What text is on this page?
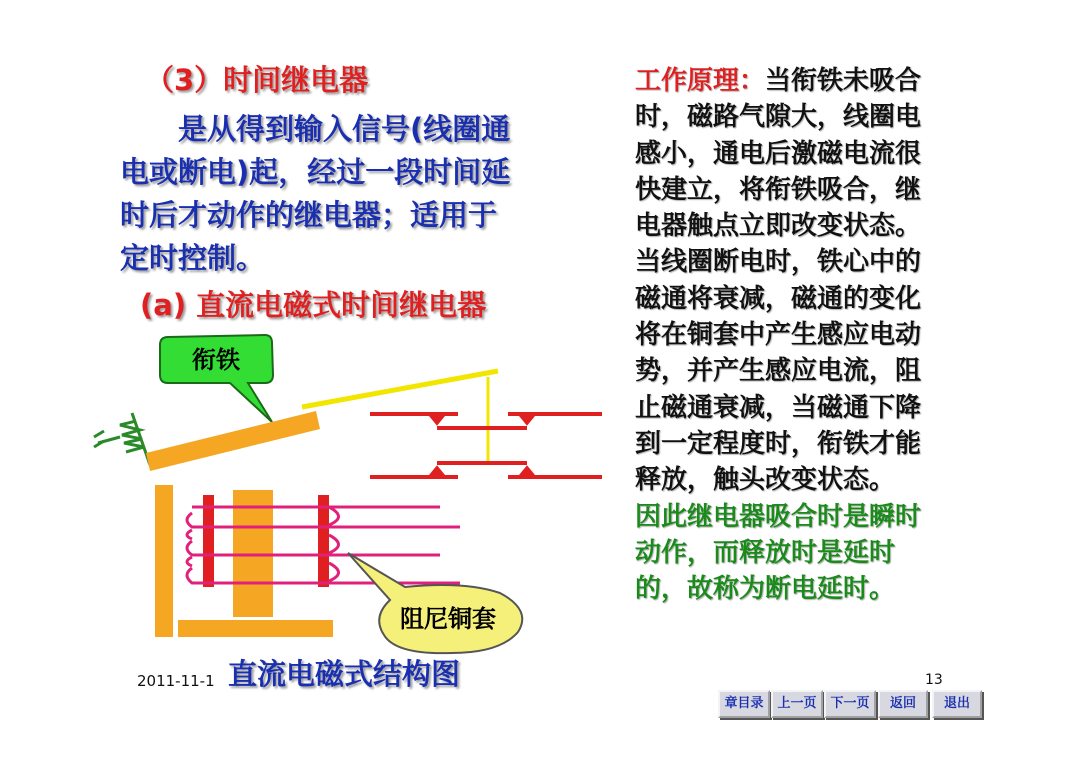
（3）时间继电器
　　是从得到输入信号(线圈通
电或断电)起，经过一段时间延
时后才动作的继电器；适用于
定时控制。
(a) 直流电磁式时间继电器
衔铁
阻尼铜套
工作原理：当衔铁未吸合
时，磁路气隙大，线圈电
感小，通电后激磁电流很
快建立，将衔铁吸合，继
电器触点立即改变状态。
当线圈断电时，铁心中的
磁通将衰减，磁通的变化
将在铜套中产生感应电动
势，并产生感应电流，阻
止磁通衰减，当磁通下降
到一定程度时，衔铁才能
释放，触头改变状态。
因此继电器吸合时是瞬时
动作，而释放时是延时
的，故称为断电延时。
2011-11-1 直流电磁式结构图	13
章目录	上一页	下一页	返回	退出
